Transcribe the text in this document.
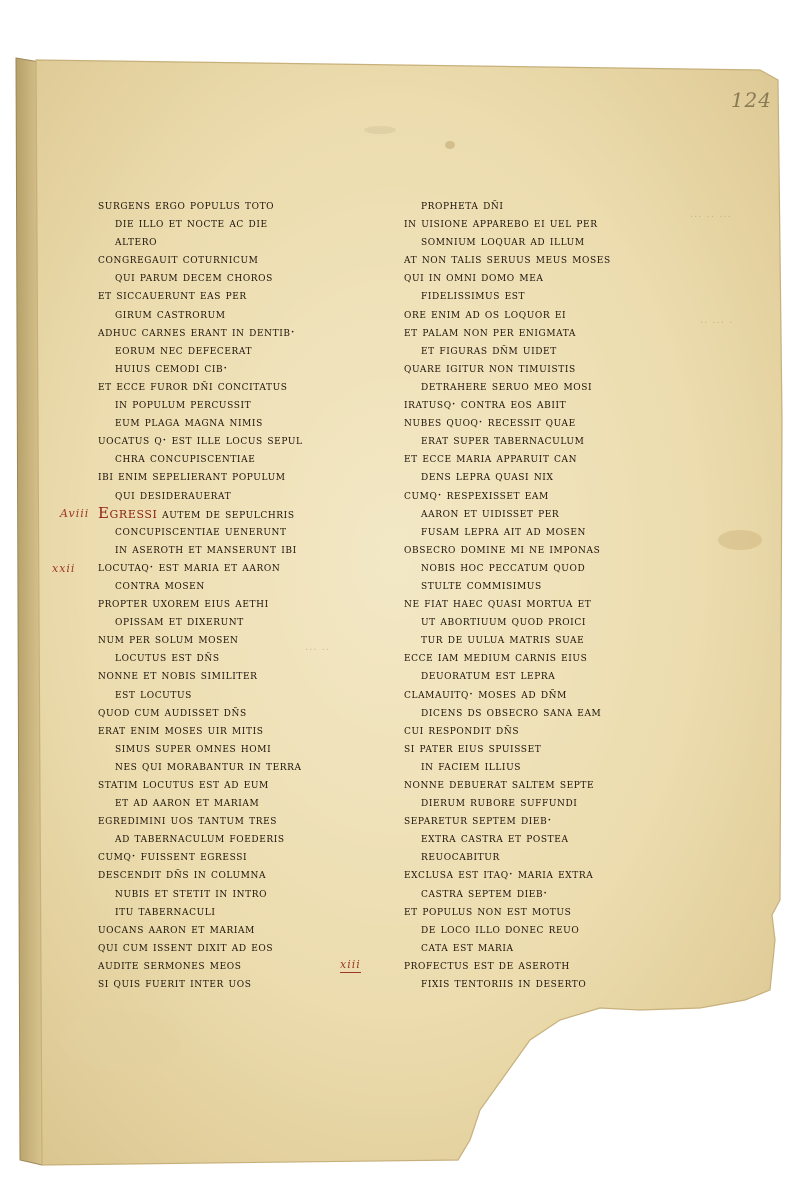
124
··· ·· ···
·· ··· ·
··· ··
surgens ergo populus toto
die illo et nocte ac die
altero
congregauit coturnicum
qui parum decem choros
et siccauerunt eas per
girum castrorum
adhuc carnes erant in dentib·
eorum nec defecerat
huius cemodi cib·
et ecce furor dñi concitatus
in populum percussit
eum plaga magna nimis
uocatus q· est ille locus sepul
chra concupiscentiae
ibi enim sepelierant populum
qui desiderauerat
Egressi autem de sepulchris
concupiscentiae uenerunt
in aseroth et manserunt ibi
locutaq· est maria et aaron
contra mosen
propter uxorem eius aethi
opissam et dixerunt
num per solum mosen
locutus est dñs
nonne et nobis similiter
est locutus
quod cum audisset dñs
erat enim moses uir mitis
simus super omnes homi
nes qui morabantur in terra
statim locutus est ad eum
et ad aaron et mariam
egredimini uos tantum tres
ad tabernaculum foederis
cumq· fuissent egressi
descendit dñs in columna
nubis et stetit in intro
itu tabernaculi
uocans aaron et mariam
qui cum issent dixit ad eos
audite sermones meos
si quis fuerit inter uos
propheta dñi
in uisione apparebo ei uel per
somnium loquar ad illum
at non talis seruus meus moses
qui in omni domo mea
fidelissimus est
ore enim ad os loquor ei
et palam non per enigmata
et figuras dñm uidet
quare igitur non timuistis
detrahere seruo meo mosi
iratusq· contra eos abiit
nubes quoq· recessit quae
erat super tabernaculum
et ecce maria apparuit can
dens lepra quasi nix
cumq· respexisset eam
aaron et uidisset per
fusam lepra ait ad mosen
obsecro domine mi ne imponas
nobis hoc peccatum quod
stulte commisimus
ne fiat haec quasi mortua et
ut abortiuum quod proici
tur de uulua matris suae
ecce iam medium carnis eius
deuoratum est lepra
clamauitq· moses ad dñm
dicens ds obsecro sana eam
cui respondit dñs
si pater eius spuisset
in faciem illius
nonne debuerat saltem septe
dierum rubore suffundi
separetur septem dieb·
extra castra et postea
reuocabitur
exclusa est itaq· maria extra
castra septem dieb·
et populus non est motus
de loco illo donec reuo
cata est maria
profectus est de aseroth
fixis tentoriis in deserto
Aviii
xxii
xiii
